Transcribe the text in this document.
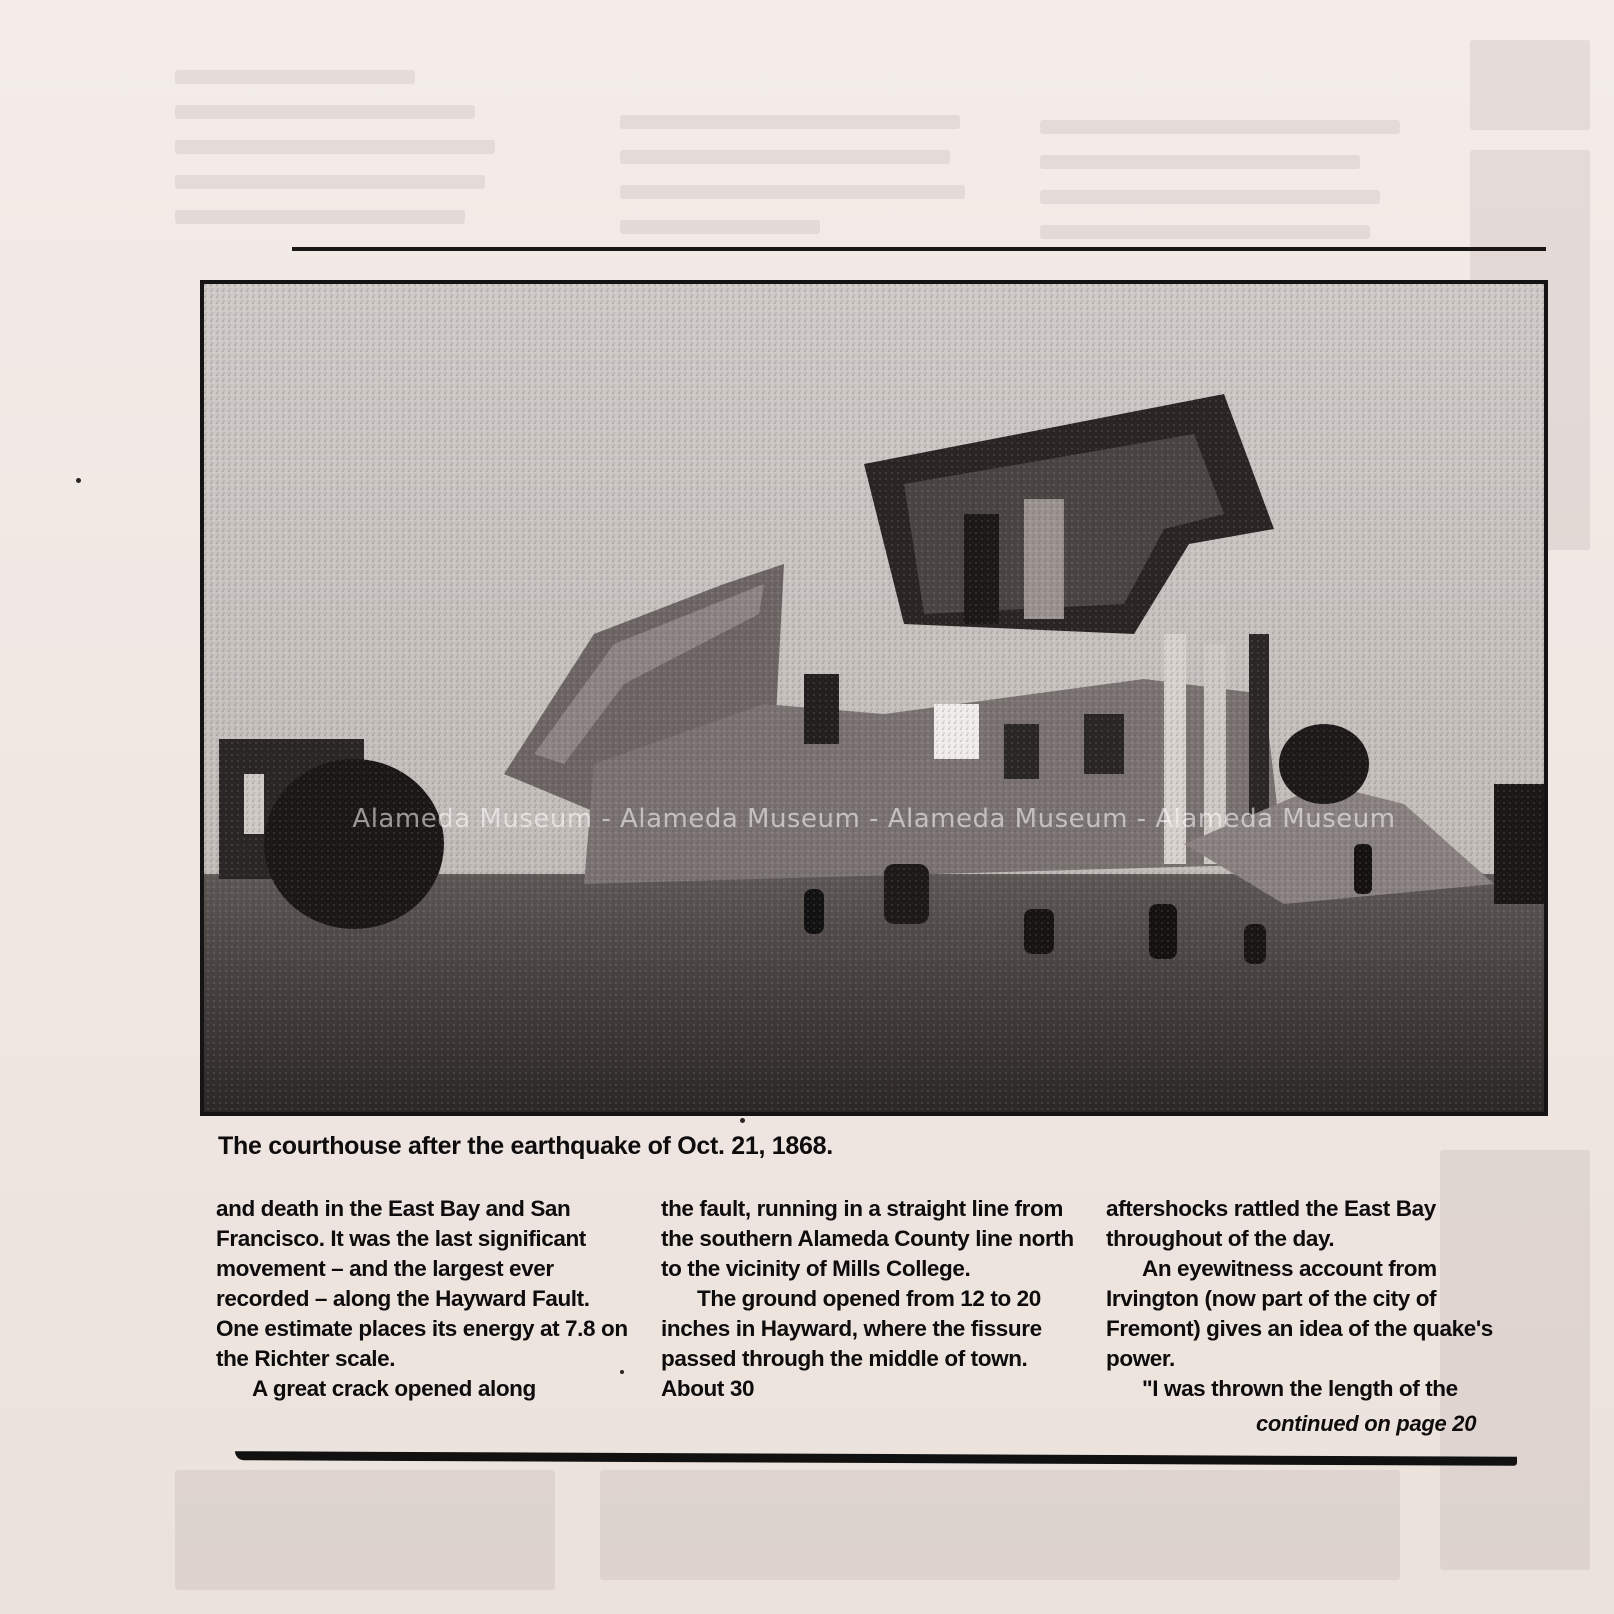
Alameda Museum - Alameda Museum - Alameda Museum - Alameda Museum
The courthouse after the earthquake of Oct. 21, 1868.

and death in the East Bay and San Francisco. It was the last significant movement – and the largest ever recorded – along the Hayward Fault. One estimate places its energy at 7.8 on the Richter scale.

A great crack opened along

the fault, running in a straight line from the southern Alameda County line north to the vicinity of Mills College.

The ground opened from 12 to 20 inches in Hayward, where the fissure passed through the middle of town. About 30

aftershocks rattled the East Bay throughout of the day.

An eyewitness account from Irvington (now part of the city of Fremont) gives an idea of the quake's power.

"I was thrown the length of the

continued on page 20
